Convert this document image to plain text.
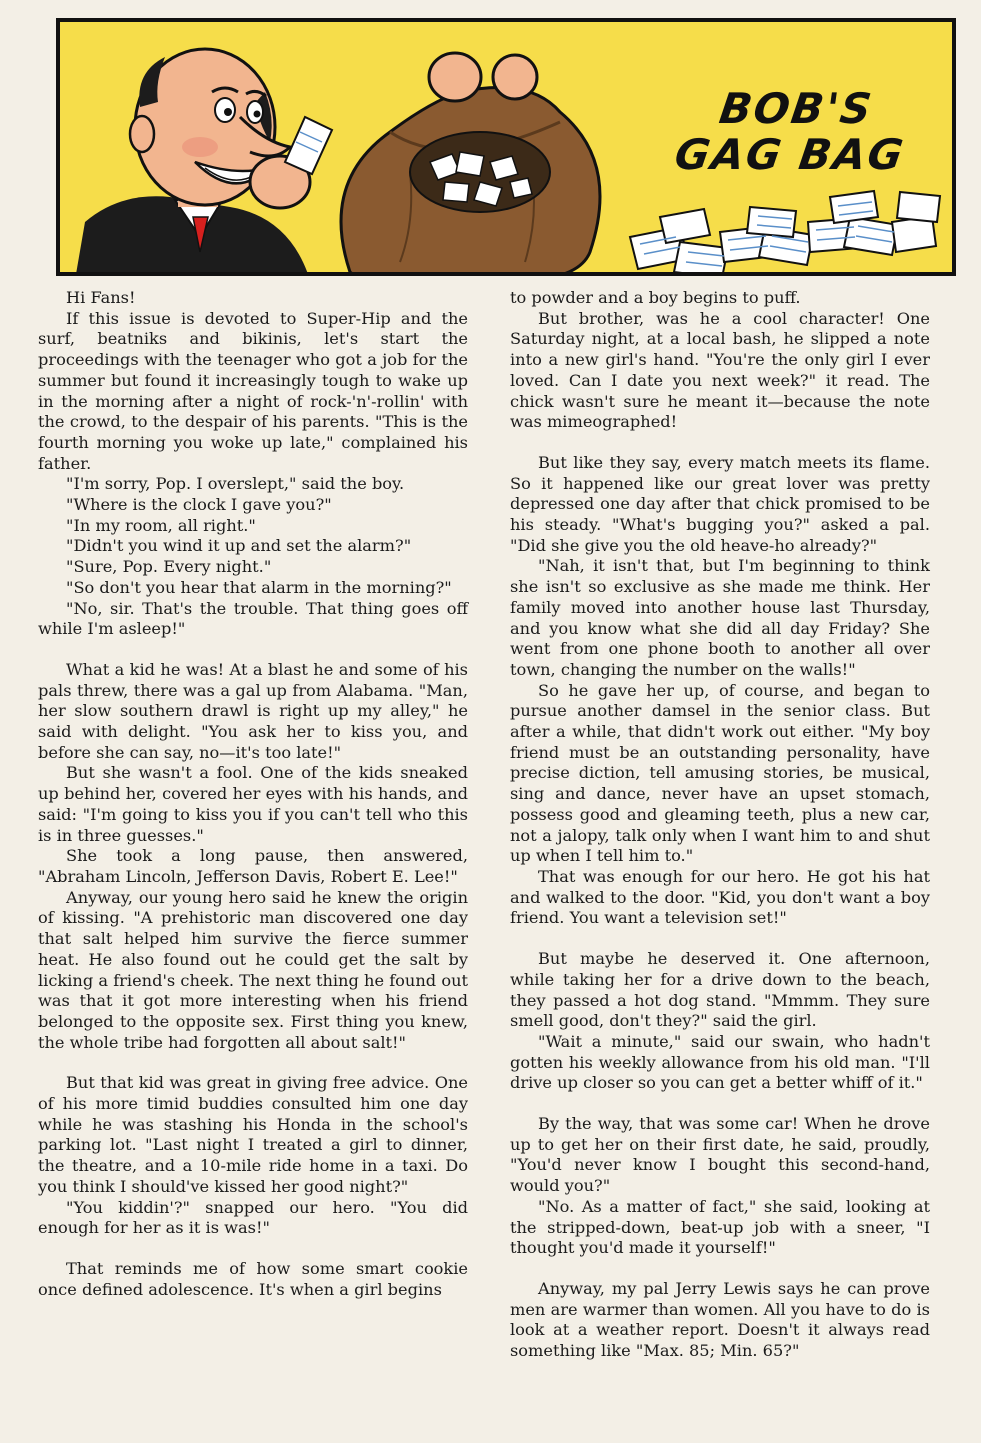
BOB'S
GAG BAG

Hi Fans!

If this issue is devoted to Super-Hip and the surf, beatniks and bikinis, let's start the proceedings with the teenager who got a job for the summer but found it increasingly tough to wake up in the morning after a night of rock-'n'-rollin' with the crowd, to the despair of his parents. "This is the fourth morning you woke up late," complained his father.

"I'm sorry, Pop. I overslept," said the boy.

"Where is the clock I gave you?"

"In my room, all right."

"Didn't you wind it up and set the alarm?"

"Sure, Pop. Every night."

"So don't you hear that alarm in the morning?"

"No, sir. That's the trouble. That thing goes off while I'm asleep!"

What a kid he was! At a blast he and some of his pals threw, there was a gal up from Alabama. "Man, her slow southern drawl is right up my alley," he said with delight. "You ask her to kiss you, and before she can say, no—it's too late!"

But she wasn't a fool. One of the kids sneaked up behind her, covered her eyes with his hands, and said: "I'm going to kiss you if you can't tell who this is in three guesses."

She took a long pause, then answered, "Abraham Lincoln, Jefferson Davis, Robert E. Lee!"

Anyway, our young hero said he knew the origin of kissing. "A prehistoric man discovered one day that salt helped him survive the fierce summer heat. He also found out he could get the salt by licking a friend's cheek. The next thing he found out was that it got more interesting when his friend belonged to the opposite sex. First thing you knew, the whole tribe had forgotten all about salt!"

But that kid was great in giving free advice. One of his more timid buddies consulted him one day while he was stashing his Honda in the school's parking lot. "Last night I treated a girl to dinner, the theatre, and a 10-mile ride home in a taxi. Do you think I should've kissed her good night?"

"You kiddin'?" snapped our hero. "You did enough for her as it is was!"

That reminds me of how some smart cookie once defined adolescence. It's when a girl begins

to powder and a boy begins to puff.

But brother, was he a cool character! One Saturday night, at a local bash, he slipped a note into a new girl's hand. "You're the only girl I ever loved. Can I date you next week?" it read. The chick wasn't sure he meant it—because the note was mimeographed!

But like they say, every match meets its flame. So it happened like our great lover was pretty depressed one day after that chick promised to be his steady. "What's bugging you?" asked a pal. "Did she give you the old heave-ho already?"

"Nah, it isn't that, but I'm beginning to think she isn't so exclusive as she made me think. Her family moved into another house last Thursday, and you know what she did all day Friday? She went from one phone booth to another all over town, changing the number on the walls!"

So he gave her up, of course, and began to pursue another damsel in the senior class. But after a while, that didn't work out either. "My boy friend must be an outstanding personality, have precise diction, tell amusing stories, be musical, sing and dance, never have an upset stomach, possess good and gleaming teeth, plus a new car, not a jalopy, talk only when I want him to and shut up when I tell him to."

That was enough for our hero. He got his hat and walked to the door. "Kid, you don't want a boy friend. You want a television set!"

But maybe he deserved it. One afternoon, while taking her for a drive down to the beach, they passed a hot dog stand. "Mmmm. They sure smell good, don't they?" said the girl.

"Wait a minute," said our swain, who hadn't gotten his weekly allowance from his old man. "I'll drive up closer so you can get a better whiff of it."

By the way, that was some car! When he drove up to get her on their first date, he said, proudly, "You'd never know I bought this second-hand, would you?"

"No. As a matter of fact," she said, looking at the stripped-down, beat-up job with a sneer, "I thought you'd made it yourself!"

Anyway, my pal Jerry Lewis says he can prove men are warmer than women. All you have to do is look at a weather report. Doesn't it always read something like "Max. 85; Min. 65?"
